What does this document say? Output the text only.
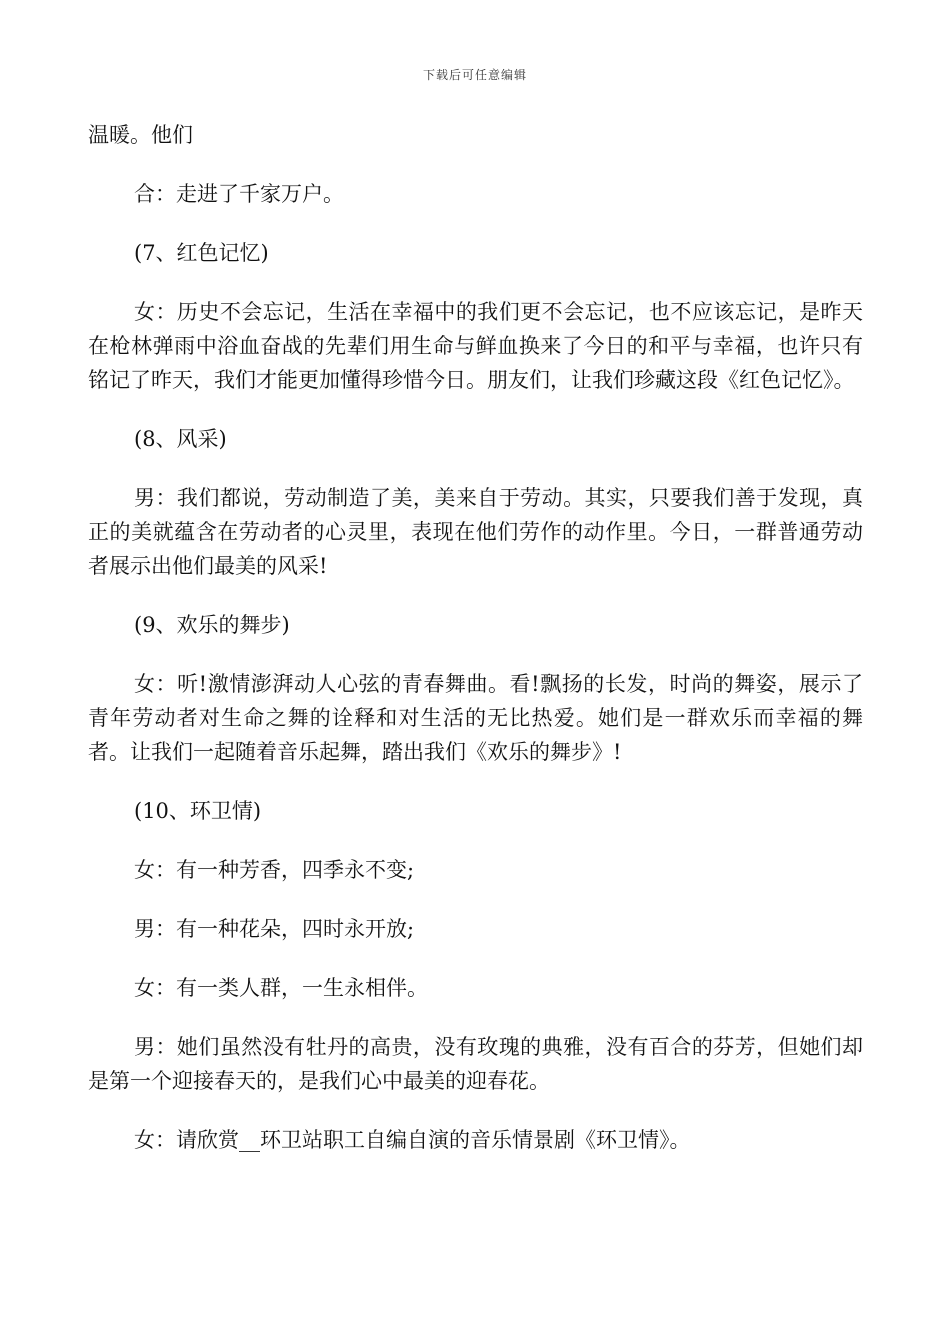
下载后可任意编辑

温暖。他们

合：走进了千家万户。

(7、红色记忆)

女：历史不会忘记，生活在幸福中的我们更不会忘记，也不应该忘记，是昨天在枪林弹雨中浴血奋战的先辈们用生命与鲜血换来了今日的和平与幸福，也许只有铭记了昨天，我们才能更加懂得珍惜今日。朋友们，让我们珍藏这段《红色记忆》。

(8、风采)

男：我们都说，劳动制造了美，美来自于劳动。其实，只要我们善于发现，真正的美就蕴含在劳动者的心灵里，表现在他们劳作的动作里。今日，一群普通劳动者展示出他们最美的风采!

(9、欢乐的舞步)

女：听!激情澎湃动人心弦的青春舞曲。看!飘扬的长发，时尚的舞姿，展示了青年劳动者对生命之舞的诠释和对生活的无比热爱。她们是一群欢乐而幸福的舞者。让我们一起随着音乐起舞，踏出我们《欢乐的舞步》!

(10、环卫情)

女：有一种芳香，四季永不变;

男：有一种花朵，四时永开放;

女：有一类人群，一生永相伴。

男：她们虽然没有牡丹的高贵，没有玫瑰的典雅，没有百合的芬芳，但她们却是第一个迎接春天的，是我们心中最美的迎春花。

女：请欣赏__环卫站职工自编自演的音乐情景剧《环卫情》。
